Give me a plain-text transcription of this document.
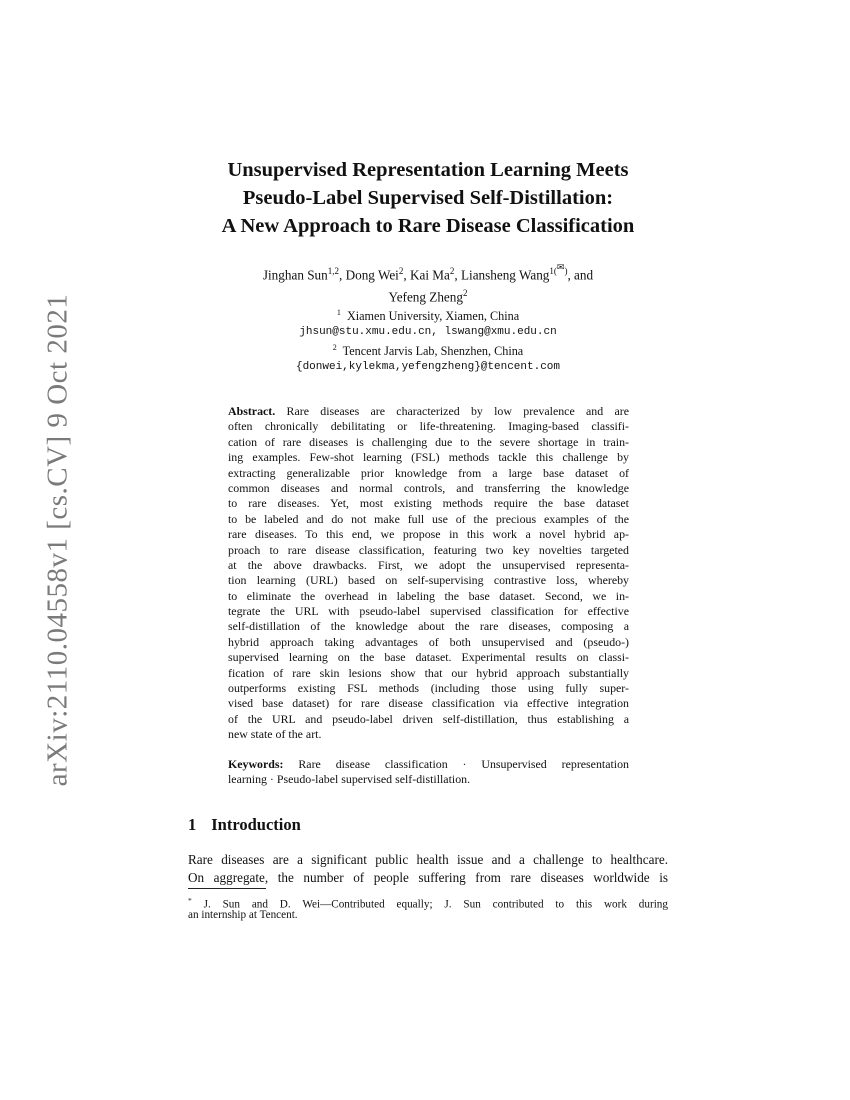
arXiv:2110.04558v1 [cs.CV] 9 Oct 2021
Unsupervised Representation Learning Meets
Pseudo-Label Supervised Self-Distillation:
A New Approach to Rare Disease Classification
Jinghan Sun$^{1,2}$, Dong Wei$^2$, Kai Ma$^2$, Liansheng Wang$^{1(✉)}$, and
Yefeng Zheng$^2$
$^1$ Xiamen University, Xiamen, China
jhsun@stu.xmu.edu.cn, lswang@xmu.edu.cn
$^2$ Tencent Jarvis Lab, Shenzhen, China
{donwei,kylekma,yefengzheng}@tencent.com
Abstract. Rare diseases are characterized by low prevalence and are
often chronically debilitating or life-threatening. Imaging-based classifi-
cation of rare diseases is challenging due to the severe shortage in train-
ing examples. Few-shot learning (FSL) methods tackle this challenge by
extracting generalizable prior knowledge from a large base dataset of
common diseases and normal controls, and transferring the knowledge
to rare diseases. Yet, most existing methods require the base dataset
to be labeled and do not make full use of the precious examples of the
rare diseases. To this end, we propose in this work a novel hybrid ap-
proach to rare disease classification, featuring two key novelties targeted
at the above drawbacks. First, we adopt the unsupervised representa-
tion learning (URL) based on self-supervising contrastive loss, whereby
to eliminate the overhead in labeling the base dataset. Second, we in-
tegrate the URL with pseudo-label supervised classification for effective
self-distillation of the knowledge about the rare diseases, composing a
hybrid approach taking advantages of both unsupervised and (pseudo-)
supervised learning on the base dataset. Experimental results on classi-
fication of rare skin lesions show that our hybrid approach substantially
outperforms existing FSL methods (including those using fully super-
vised base dataset) for rare disease classification via effective integration
of the URL and pseudo-label driven self-distillation, thus establishing a
new state of the art.
Keywords: Rare disease classification · Unsupervised representation
learning · Pseudo-label supervised self-distillation.
1 Introduction
Rare diseases are a significant public health issue and a challenge to healthcare.
On aggregate, the number of people suffering from rare diseases worldwide is
* J. Sun and D. Wei—Contributed equally; J. Sun contributed to this work during
an internship at Tencent.
